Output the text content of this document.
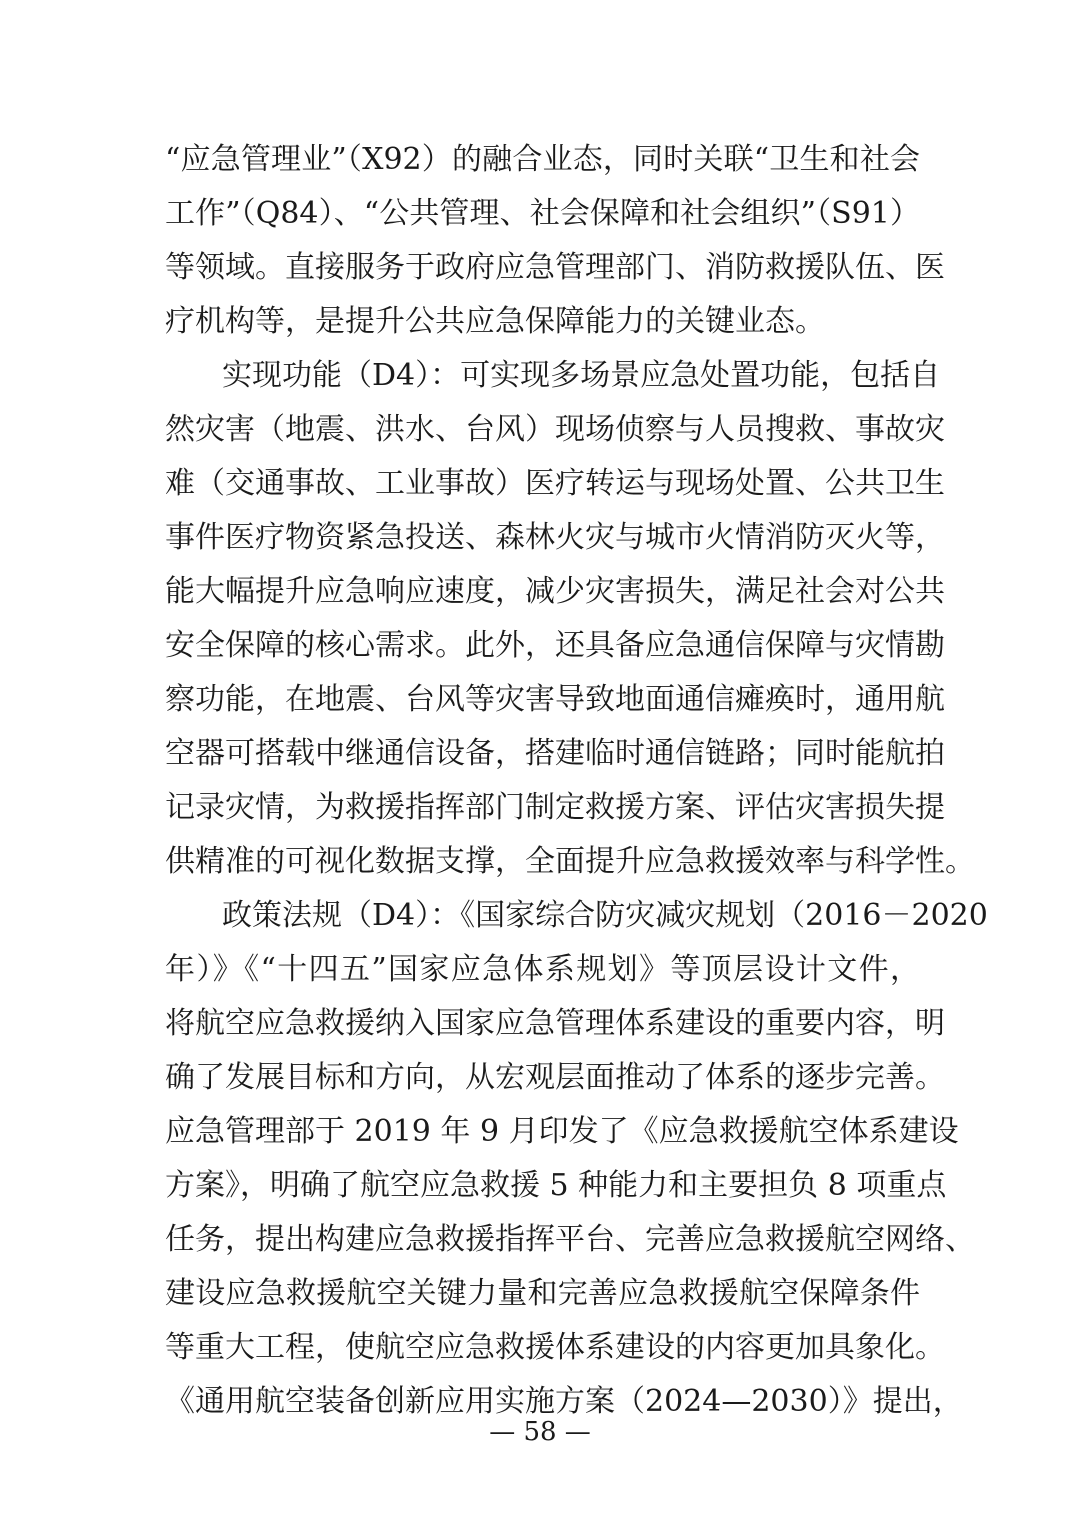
“应急管理业”（X92）的融合业态，同时关联“卫生和社会
工作”（Q84）、“公共管理、社会保障和社会组织”（S91）
等领域。直接服务于政府应急管理部门、消防救援队伍、医
疗机构等，是提升公共应急保障能力的关键业态。
实现功能（D4）：可实现多场景应急处置功能，包括自
然灾害（地震、洪水、台风）现场侦察与人员搜救、事故灾
难（交通事故、工业事故）医疗转运与现场处置、公共卫生
事件医疗物资紧急投送、森林火灾与城市火情消防灭火等，
能大幅提升应急响应速度，减少灾害损失，满足社会对公共
安全保障的核心需求。此外，还具备应急通信保障与灾情勘
察功能，在地震、台风等灾害导致地面通信瘫痪时，通用航
空器可搭载中继通信设备，搭建临时通信链路；同时能航拍
记录灾情，为救援指挥部门制定救援方案、评估灾害损失提
供精准的可视化数据支撑，全面提升应急救援效率与科学性。
政策法规（D4）：《国家综合防灾减灾规划（2016－2020
年）》《“十四五”国家应急体系规划》等顶层设计文件，
将航空应急救援纳入国家应急管理体系建设的重要内容，明
确了发展目标和方向，从宏观层面推动了体系的逐步完善。
应急管理部于 2019 年 9 月印发了《应急救援航空体系建设
方案》，明确了航空应急救援 5 种能力和主要担负 8 项重点
任务，提出构建应急救援指挥平台、完善应急救援航空网络、
建设应急救援航空关键力量和完善应急救援航空保障条件
等重大工程，使航空应急救援体系建设的内容更加具象化。
《通用航空装备创新应用实施方案（2024—2030）》提出，
— 58 —
